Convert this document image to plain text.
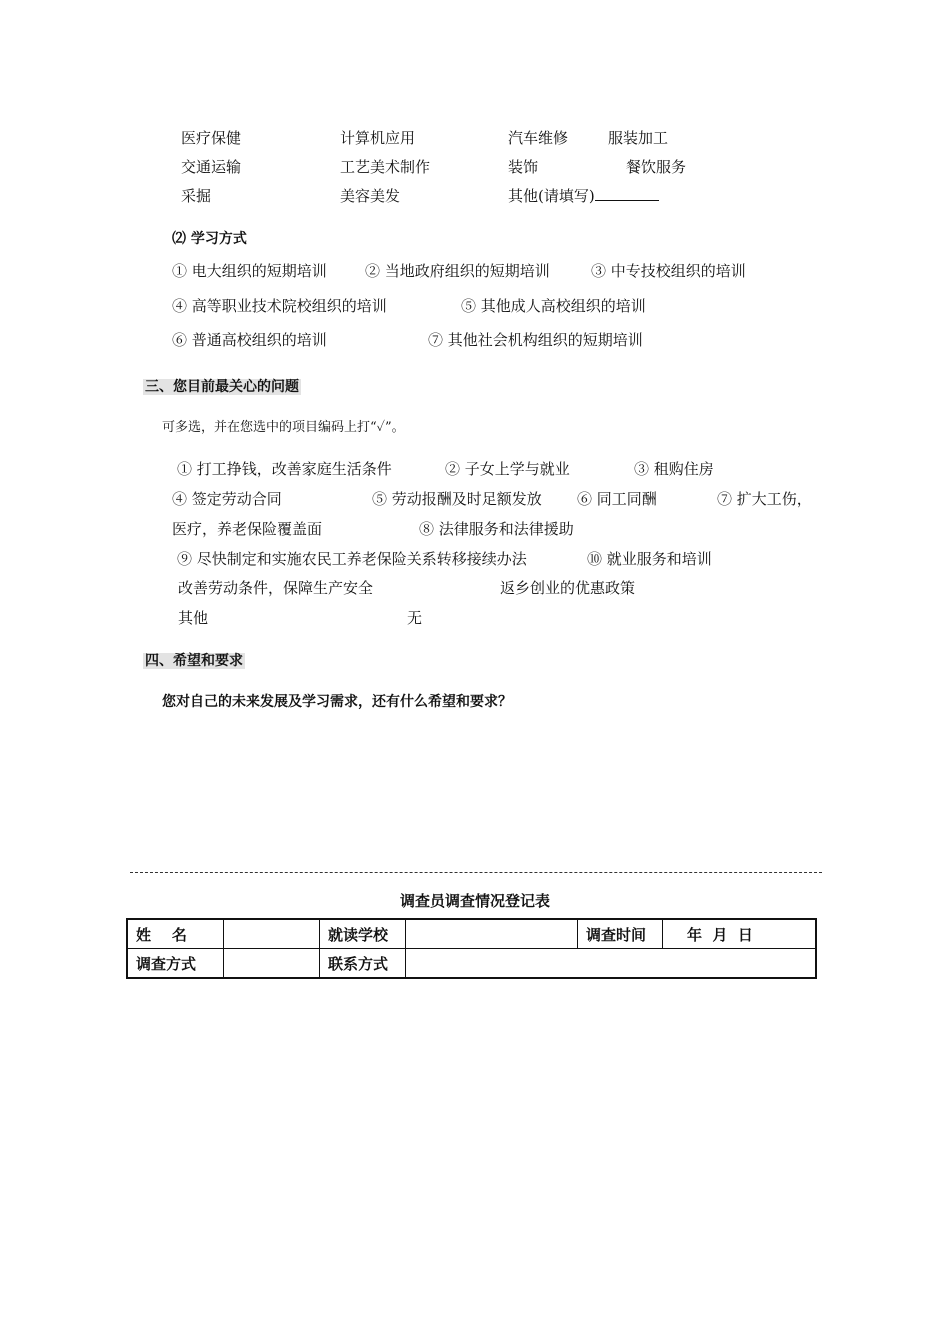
医疗保健	计算机应用	汽车维修	服装加工
交通运输	工艺美术制作	装饰	餐饮服务
采掘	美容美发	其他(请填写)
⑵ 学习方式
① 电大组织的短期培训	② 当地政府组织的短期培训	③ 中专技校组织的培训
④ 高等职业技术院校组织的培训	⑤ 其他成人高校组织的培训
⑥ 普通高校组织的培训	⑦ 其他社会机构组织的短期培训
三、您目前最关心的问题
可多选，并在您选中的项目编码上打“✓”。
① 打工挣钱，改善家庭生活条件	② 子女上学与就业	③ 租购住房
④ 签定劳动合同	⑤ 劳动报酬及时足额发放 ⑥ 同工同酬	⑦ 扩大工伤，
医疗，养老保险覆盖面	⑧ 法律服务和法律援助
⑨ 尽快制定和实施农民工养老保险关系转移接续办法	⑩ 就业服务和培训
改善劳动条件，保障生产安全	返乡创业的优惠政策
其他	无
四、希望和要求
您对自己的未来发展及学习需求，还有什么希望和要求？
调查员调查情况登记表
姓    名		就读学校		调查时间	年  月  日
调查方式		联系方式			
